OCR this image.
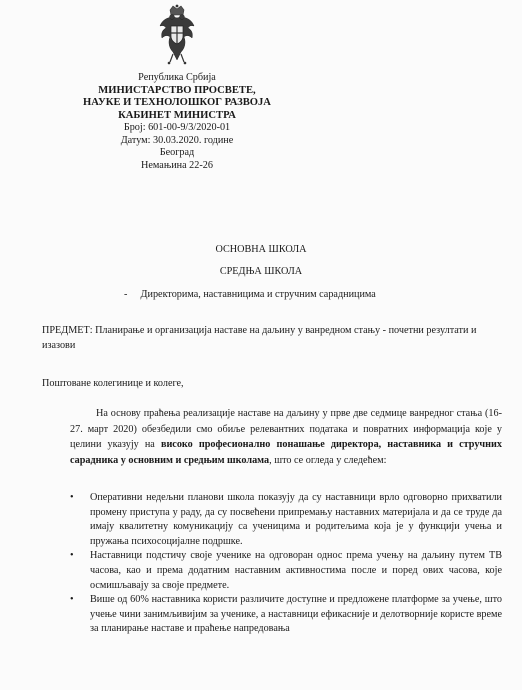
Република Србија
МИНИСТАРСТВО ПРОСВЕТЕ,
НАУКЕ И ТЕХНОЛОШКОГ РАЗВОЈА
КАБИНЕТ МИНИСТРА
Број: 601-00-9/3/2020-01
Датум: 30.03.2020. године
Београд
Немањина 22-26
ОСНОВНА ШКОЛА
СРЕДЊА ШКОЛА
- Директорима, наставницима и стручним сарадницима
ПРЕДМЕТ: Планирање и организација наставе на даљину у ванредном стању - почетни резултати и изазови
Поштоване колегинице и колеге,
На основу праћења реализације наставе на даљину у прве две седмице ванредног стања (16-27. март 2020) обезбедили смо обиље релевантних података и повратних информација које у целини указују на високо професионално понашање директора, наставника и стручних сарадника у основним и средњим школама, што се огледа у следећем:
• Оперативни недељни планови школа показују да су наставници врло одговорно прихватили промену приступа у раду, да су посвећени припремању наставних материјала и да се труде да имају квалитетну комуникацију са ученицима и родитељима која је у функцији учења и пружања психосоцијалне подршке.
• Наставници подстичу своје ученике на одговоран однос према учењу на даљину путем ТВ часова, као и према додатним наставним активностима после и поред ових часова, које осмишљавају за своје предмете.
• Више од 60% наставника користи различите доступне и предложене платформе за учење, што учење чини занимљивијим за ученике, а наставници ефикасније и делотворније користе време за планирање наставе и праћење напредовања
